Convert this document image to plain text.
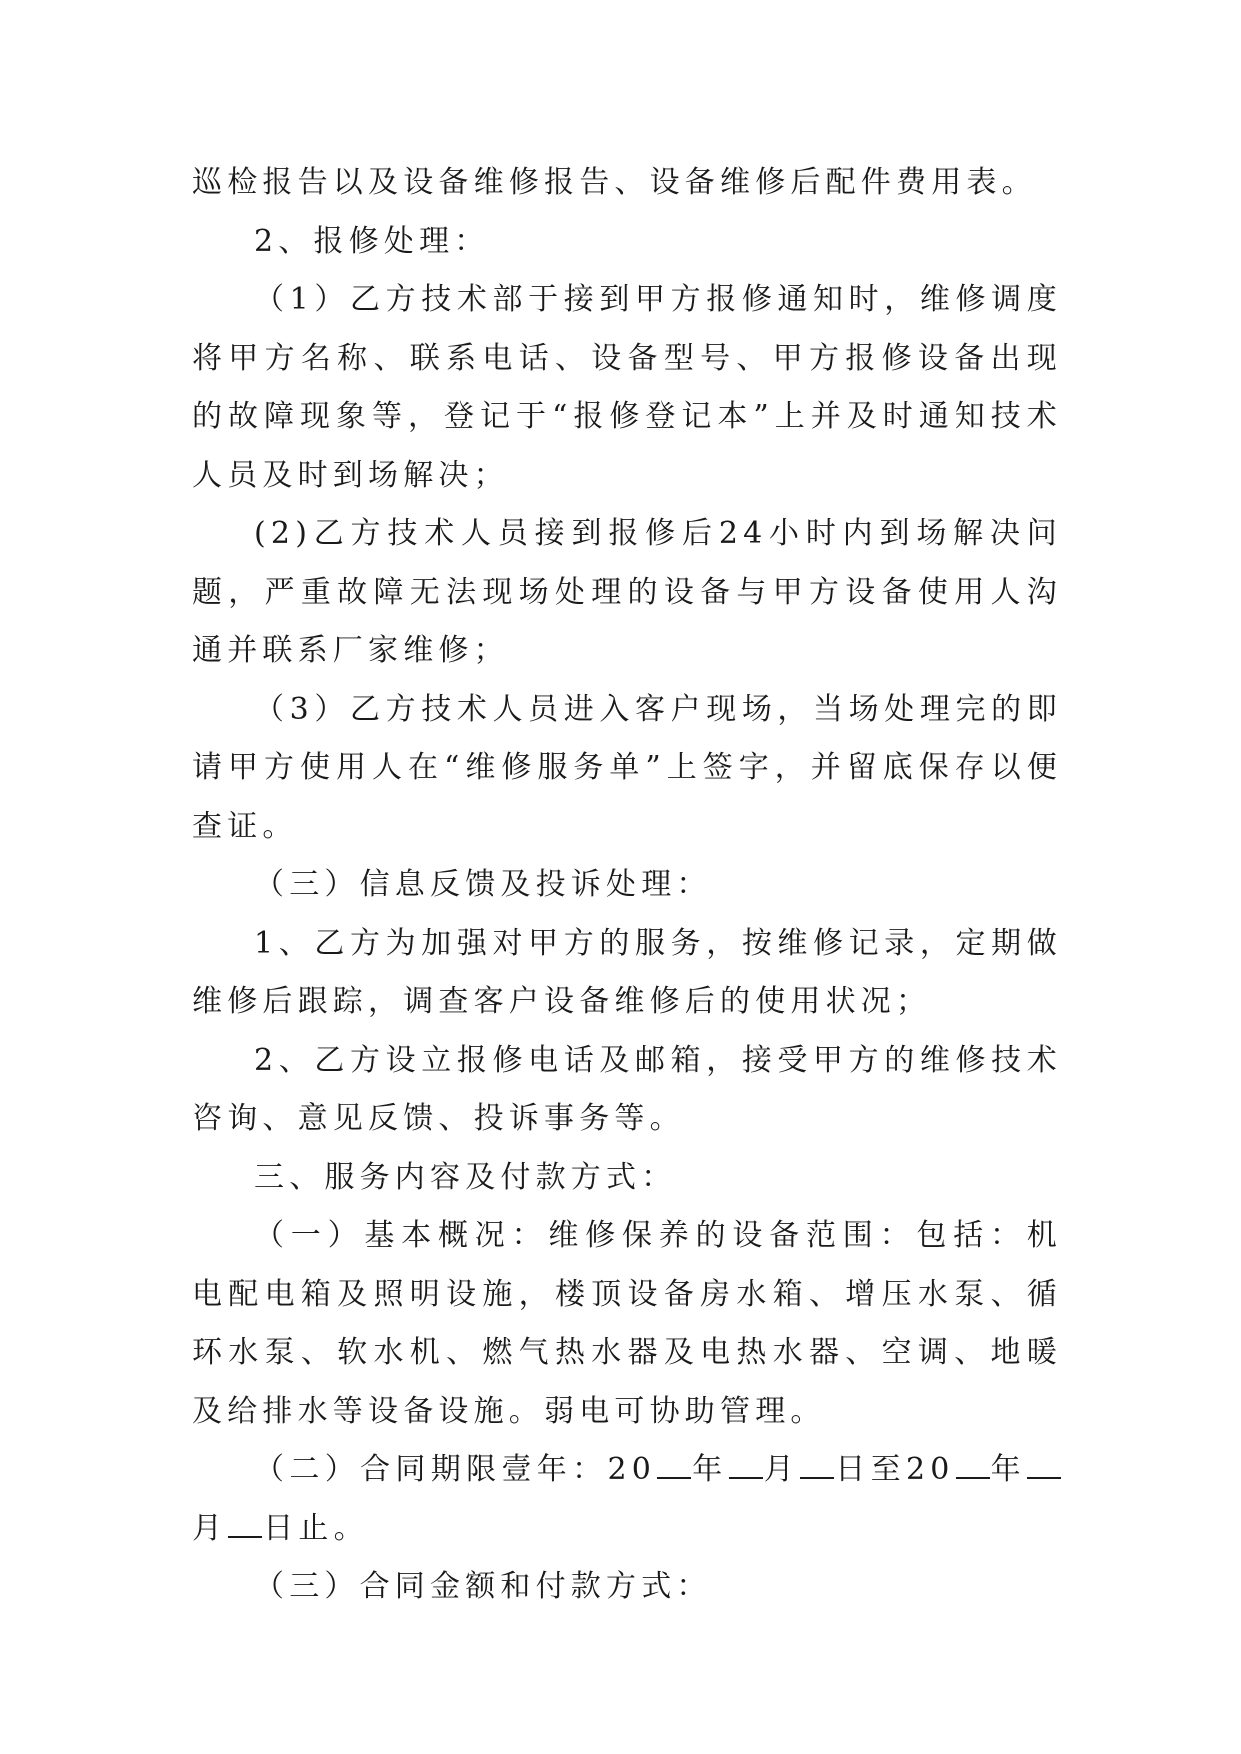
巡检报告以及设备维修报告、设备维修后配件费用表。

2、报修处理：

（1）乙方技术部于接到甲方报修通知时，维修调度将甲方名称、联系电话、设备型号、甲方报修设备出现的故障现象等，登记于“报修登记本”上并及时通知技术人员及时到场解决；

(2)乙方技术人员接到报修后24小时内到场解决问题，严重故障无法现场处理的设备与甲方设备使用人沟通并联系厂家维修；

（3）乙方技术人员进入客户现场，当场处理完的即请甲方使用人在“维修服务单”上签字，并留底保存以便查证。

（三）信息反馈及投诉处理：

1、乙方为加强对甲方的服务，按维修记录，定期做维修后跟踪，调查客户设备维修后的使用状况；

2、乙方设立报修电话及邮箱，接受甲方的维修技术咨询、意见反馈、投诉事务等。

三、服务内容及付款方式：

（一）基本概况：维修保养的设备范围：包括：机电配电箱及照明设施，楼顶设备房水箱、增压水泵、循环水泵、软水机、燃气热水器及电热水器、空调、地暖及给排水等设备设施。弱电可协助管理。

（二）合同期限壹年：20 年 月 日至20 年月 日止。

（三）合同金额和付款方式：
